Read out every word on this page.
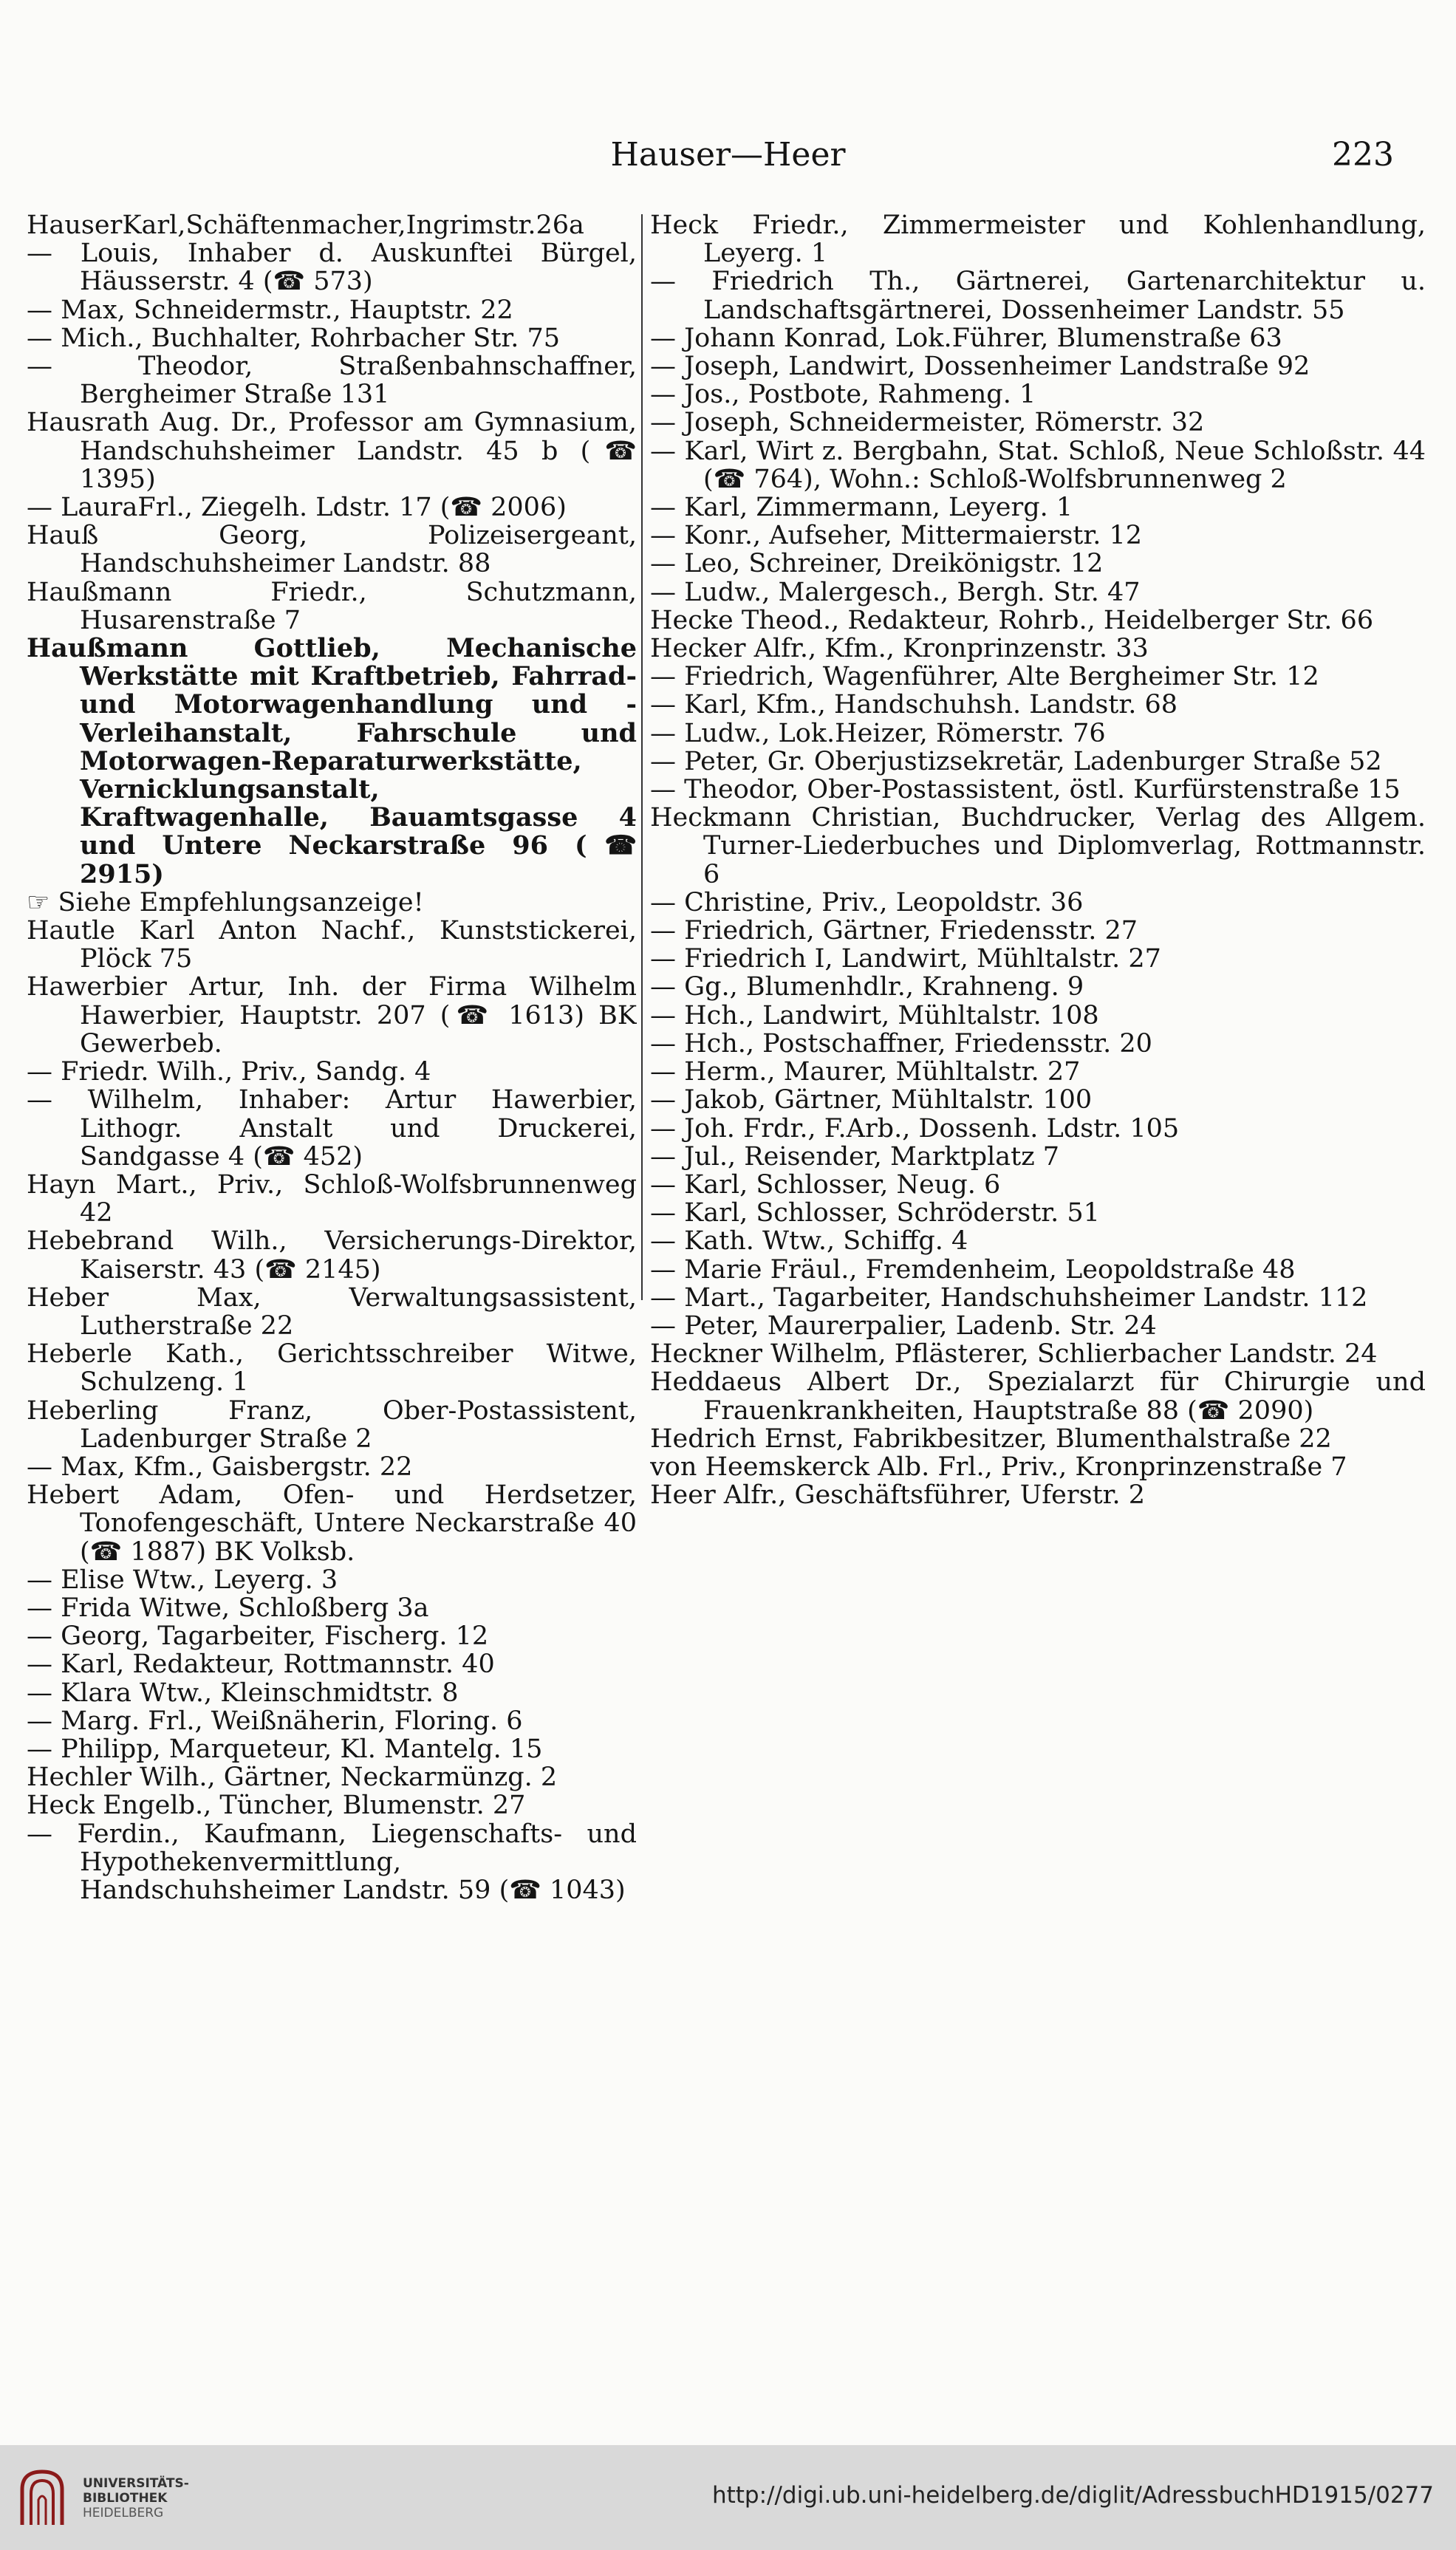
Hauser—Heer	223

HauserKarl,Schäftenmacher,Ingrimstr.26a

— Louis, Inhaber d. Auskunftei Bürgel, Häusserstr. 4 (☎ 573)

— Max, Schneidermstr., Hauptstr. 22

— Mich., Buchhalter, Rohrbacher Str. 75

— Theodor, Straßenbahnschaffner, Bergheimer Straße 131

Hausrath Aug. Dr., Professor am Gymnasium, Handschuhsheimer Landstr. 45 b (☎ 1395)

— LauraFrl., Ziegelh. Ldstr. 17 (☎ 2006)

Hauß Georg, Polizeisergeant, Handschuhsheimer Landstr. 88

Haußmann Friedr., Schutzmann, Husarenstraße 7

Haußmann Gottlieb, Mechanische Werkstätte mit Kraftbetrieb, Fahrrad- und Motorwagenhandlung und -Verleihanstalt, Fahrschule und Motorwagen-Reparaturwerkstätte, Vernicklungsanstalt, Kraftwagenhalle, Bauamtsgasse 4 und Untere Neckarstraße 96 (☎ 2915)

☞ Siehe Empfehlungsanzeige!

Hautle Karl Anton Nachf., Kunststickerei, Plöck 75

Hawerbier Artur, Inh. der Firma Wilhelm Hawerbier, Hauptstr. 207 (☎ 1613) BK Gewerbeb.

— Friedr. Wilh., Priv., Sandg. 4

— Wilhelm, Inhaber: Artur Hawerbier, Lithogr. Anstalt und Druckerei, Sandgasse 4 (☎ 452)

Hayn Mart., Priv., Schloß-Wolfsbrunnenweg 42

Hebebrand Wilh., Versicherungs-Direktor, Kaiserstr. 43 (☎ 2145)

Heber Max, Verwaltungsassistent, Lutherstraße 22

Heberle Kath., Gerichtsschreiber Witwe, Schulzeng. 1

Heberling Franz, Ober-Postassistent, Ladenburger Straße 2

— Max, Kfm., Gaisbergstr. 22

Hebert Adam, Ofen- und Herdsetzer, Tonofengeschäft, Untere Neckarstraße 40 (☎ 1887) BK Volksb.

— Elise Wtw., Leyerg. 3

— Frida Witwe, Schloßberg 3a

— Georg, Tagarbeiter, Fischerg. 12

— Karl, Redakteur, Rottmannstr. 40

— Klara Wtw., Kleinschmidtstr. 8

— Marg. Frl., Weißnäherin, Floring. 6

— Philipp, Marqueteur, Kl. Mantelg. 15

Hechler Wilh., Gärtner, Neckarmünzg. 2

Heck Engelb., Tüncher, Blumenstr. 27

— Ferdin., Kaufmann, Liegenschafts- und Hypothekenvermittlung, Handschuhsheimer Landstr. 59 (☎ 1043)

Heck Friedr., Zimmermeister und Kohlenhandlung, Leyerg. 1

— Friedrich Th., Gärtnerei, Gartenarchitektur u. Landschaftsgärtnerei, Dossenheimer Landstr. 55

— Johann Konrad, Lok.Führer, Blumenstraße 63

— Joseph, Landwirt, Dossenheimer Landstraße 92

— Jos., Postbote, Rahmeng. 1

— Joseph, Schneidermeister, Römerstr. 32

— Karl, Wirt z. Bergbahn, Stat. Schloß, Neue Schloßstr. 44 (☎ 764), Wohn.: Schloß-Wolfsbrunnenweg 2

— Karl, Zimmermann, Leyerg. 1

— Konr., Aufseher, Mittermaierstr. 12

— Leo, Schreiner, Dreikönigstr. 12

— Ludw., Malergesch., Bergh. Str. 47

Hecke Theod., Redakteur, Rohrb., Heidelberger Str. 66

Hecker Alfr., Kfm., Kronprinzenstr. 33

— Friedrich, Wagenführer, Alte Bergheimer Str. 12

— Karl, Kfm., Handschuhsh. Landstr. 68

— Ludw., Lok.Heizer, Römerstr. 76

— Peter, Gr. Oberjustizsekretär, Ladenburger Straße 52

— Theodor, Ober-Postassistent, östl. Kurfürstenstraße 15

Heckmann Christian, Buchdrucker, Verlag des Allgem. Turner-Liederbuches und Diplomverlag, Rottmannstr. 6

— Christine, Priv., Leopoldstr. 36

— Friedrich, Gärtner, Friedensstr. 27

— Friedrich I, Landwirt, Mühltalstr. 27

— Gg., Blumenhdlr., Krahneng. 9

— Hch., Landwirt, Mühltalstr. 108

— Hch., Postschaffner, Friedensstr. 20

— Herm., Maurer, Mühltalstr. 27

— Jakob, Gärtner, Mühltalstr. 100

— Joh. Frdr., F.Arb., Dossenh. Ldstr. 105

— Jul., Reisender, Marktplatz 7

— Karl, Schlosser, Neug. 6

— Karl, Schlosser, Schröderstr. 51

— Kath. Wtw., Schiffg. 4

— Marie Fräul., Fremdenheim, Leopoldstraße 48

— Mart., Tagarbeiter, Handschuhsheimer Landstr. 112

— Peter, Maurerpalier, Ladenb. Str. 24

Heckner Wilhelm, Pflästerer, Schlierbacher Landstr. 24

Heddaeus Albert Dr., Spezialarzt für Chirurgie und Frauenkrankheiten, Hauptstraße 88 (☎ 2090)

Hedrich Ernst, Fabrikbesitzer, Blumenthalstraße 22

von Heemskerck Alb. Frl., Priv., Kronprinzenstraße 7

Heer Alfr., Geschäftsführer, Uferstr. 2

UNIVERSITÄTS-
BIBLIOTHEK
HEIDELBERG
http://digi.ub.uni-heidelberg.de/diglit/AdressbuchHD1915/0277
